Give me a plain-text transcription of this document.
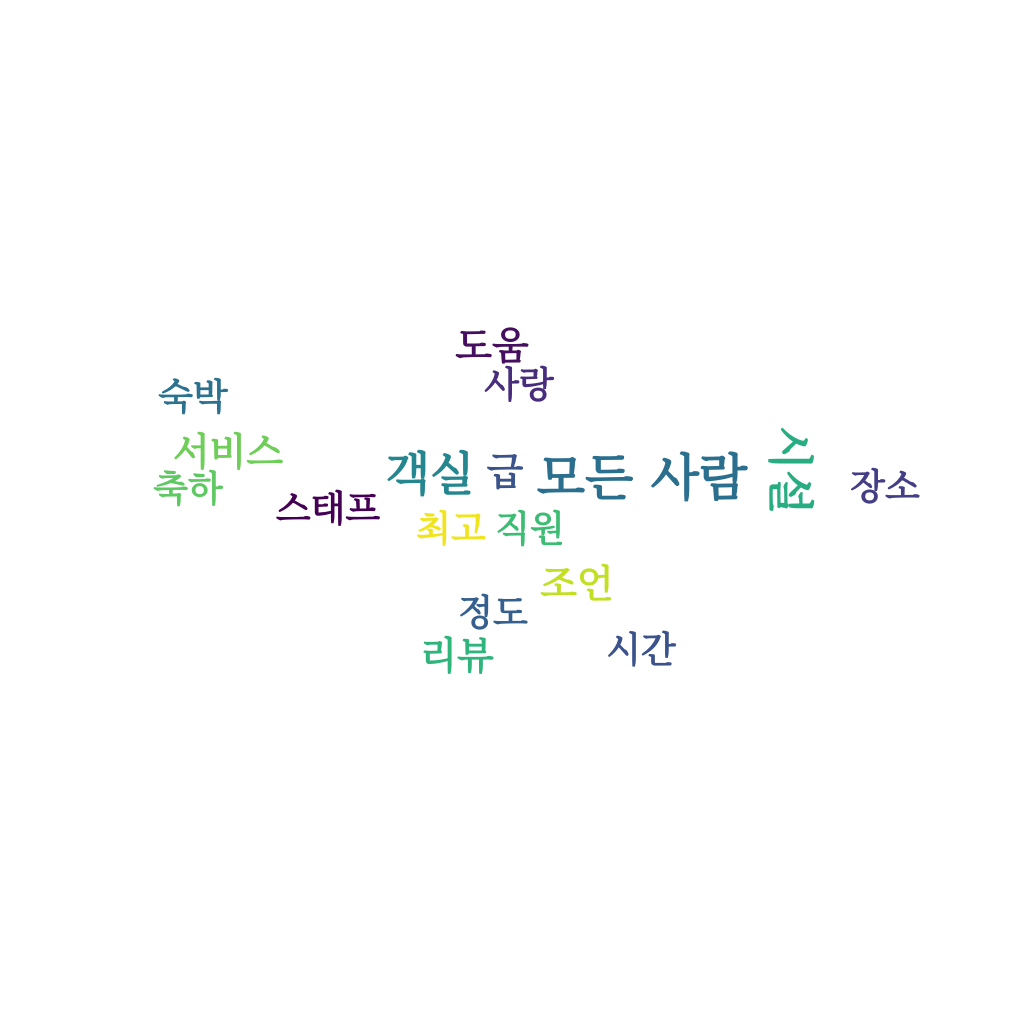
모든 사람 시설
객실 급
서비스
축하 스태프 최고 직원
숙박
도움
사랑
장소
조언
정도
리뷰	시간
